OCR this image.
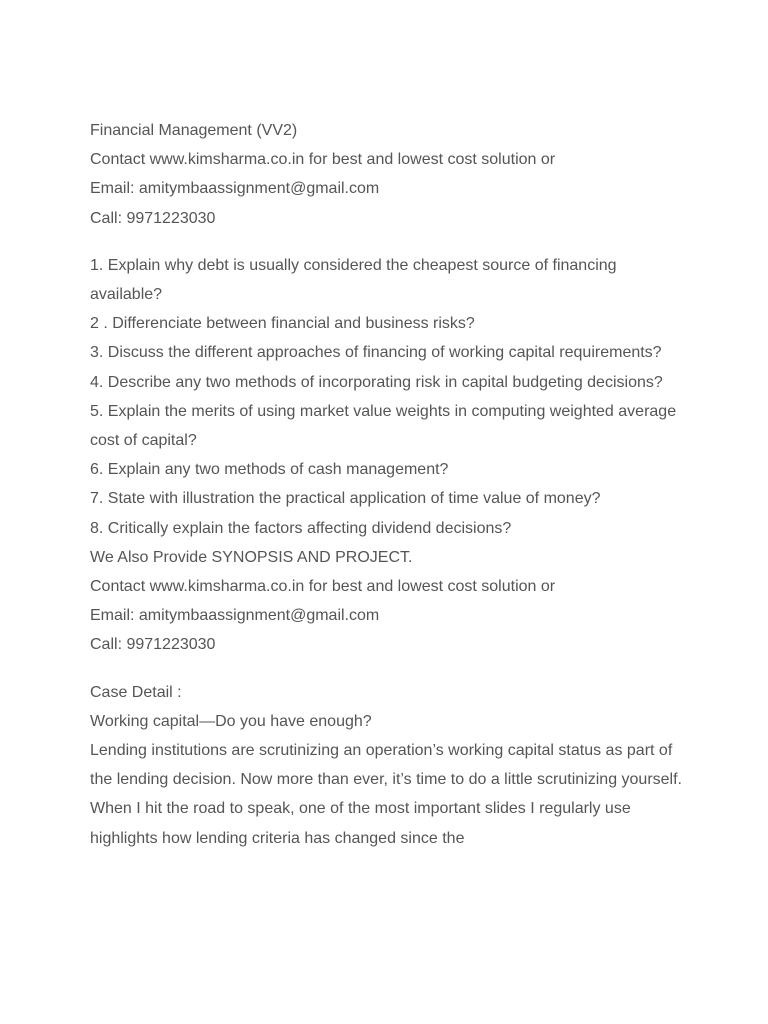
Financial Management (VV2)
Contact www.kimsharma.co.in for best and lowest cost solution or
Email: amitymbaassignment@gmail.com
Call: 9971223030
1. Explain why debt is usually considered the cheapest source of financing available?
2 . Differenciate between financial and business risks?
3. Discuss the different approaches of financing of working capital requirements?
4. Describe any two methods of incorporating risk in capital budgeting decisions?
5. Explain the merits of using market value weights in computing weighted average cost of capital?
6. Explain any two methods of cash management?
7. State with illustration the practical application of time value of money?
8. Critically explain the factors affecting dividend decisions?
We Also Provide SYNOPSIS AND PROJECT.
Contact www.kimsharma.co.in for best and lowest cost solution or
Email: amitymbaassignment@gmail.com
Call: 9971223030
Case Detail :
Working capital—Do you have enough?
Lending institutions are scrutinizing an operation’s working capital status as part of the lending decision. Now more than ever, it’s time to do a little scrutinizing yourself. When I hit the road to speak, one of the most important slides I regularly use highlights how lending criteria has changed since the
